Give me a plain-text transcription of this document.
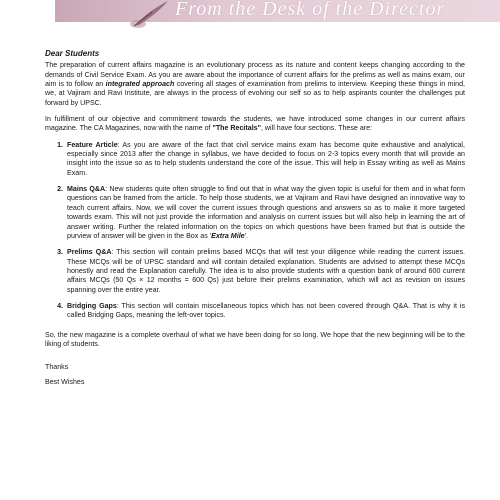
From the Desk of the Director
Dear Students

The preparation of current affairs magazine is an evolutionary process as its nature and content keeps changing according to the demands of Civil Service Exam. As you are aware about the importance of current affairs for the prelims as well as mains exam, our aim is to follow an integrated approach covering all stages of examination from prelims to interview. Keeping these things in mind, we, at Vajiram and Ravi Institute, are always in the process of evolving our self so as to help aspirants counter the challenges put forward by UPSC.

In fulfillment of our objective and commitment towards the students, we have introduced some changes in our current affairs magazine. The CA Magazines, now with the name of "The Recitals", will have four sections. These are:

1. Feature Article: As you are aware of the fact that civil service mains exam has become quite exhaustive and analytical, especially since 2013 after the change in syllabus, we have decided to focus on 2-3 topics every month that will provide an insight into the issue so as to help students understand the core of the issue. This will help in Essay writing as well as Mains Exam.
2. Mains Q&A: New students quite often struggle to find out that in what way the given topic is useful for them and in what form questions can be framed from the article. To help those students, we at Vajiram and Ravi have designed an innovative way to teach current affairs. Now, we will cover the current issues through questions and answers so as to make it more targeted towards exam. This will not just provide the information and analysis on current issues but will also help in learning the art of answer writing. Further the related information on the topics on which questions have been framed but that is outside the purview of answer will be given in the Box as 'Extra Mile'.
3. Prelims Q&A: This section will contain prelims based MCQs that will test your diligence while reading the current issues. These MCQs will be of UPSC standard and will contain detailed explanation. Students are advised to attempt these MCQs honestly and read the Explanation carefully. The idea is to also provide students with a question bank of around 600 current affairs MCQs (50 Qs × 12 months = 600 Qs) just before their prelims examination, which will act as revision on issues spanning over the entire year.
4. Bridging Gaps: This section will contain miscellaneous topics which has not been covered through Q&A. That is why it is called Bridging Gaps, meaning the left-over topics.

So, the new magazine is a complete overhaul of what we have been doing for so long. We hope that the new beginning will be to the liking of students.

Thanks

Best Wishes
